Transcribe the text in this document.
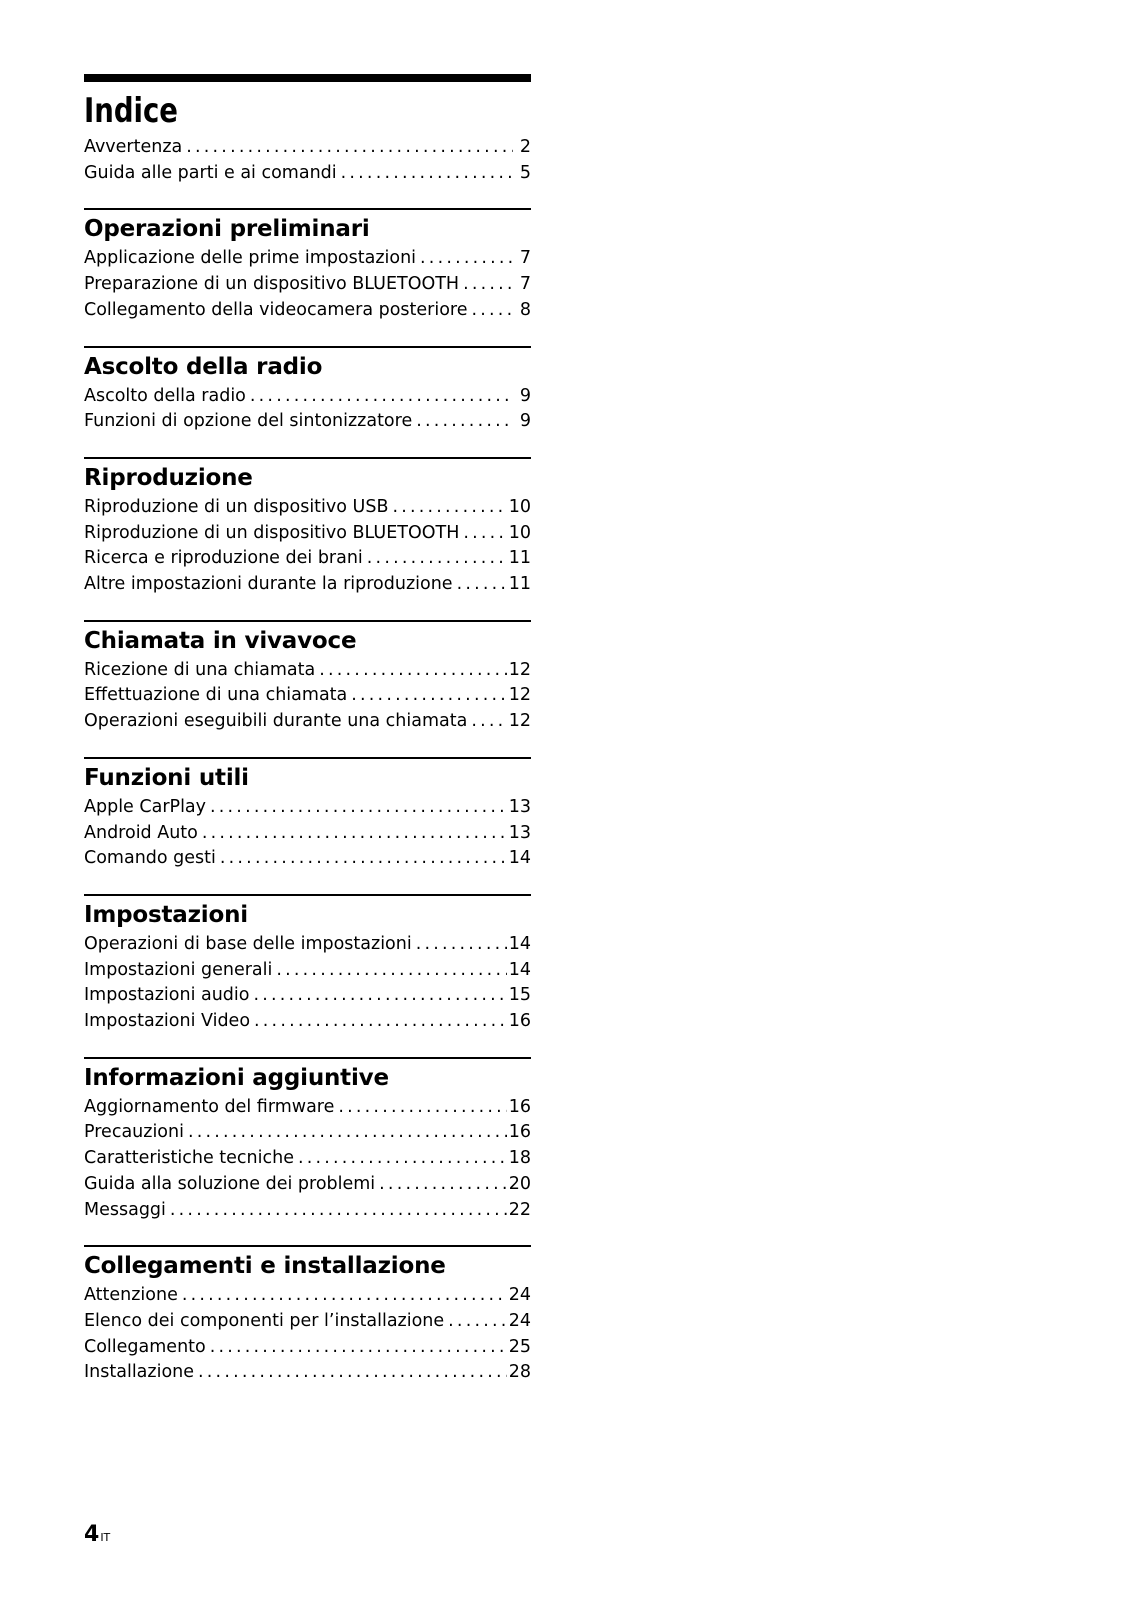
Indice
Avvertenza .....	2
Guida alle parti e ai comandi .....	5
Operazioni preliminari
Applicazione delle prime impostazioni .....	7
Preparazione di un dispositivo BLUETOOTH .....	7
Collegamento della videocamera posteriore .....	8
Ascolto della radio
Ascolto della radio .....	9
Funzioni di opzione del sintonizzatore .....	9
Riproduzione
Riproduzione di un dispositivo USB .....	10
Riproduzione di un dispositivo BLUETOOTH .....	10
Ricerca e riproduzione dei brani .....	11
Altre impostazioni durante la riproduzione .....	11
Chiamata in vivavoce
Ricezione di una chiamata .....	12
Effettuazione di una chiamata .....	12
Operazioni eseguibili durante una chiamata ..... 12
Funzioni utili
Apple CarPlay .....	13
Android Auto .....	13
Comando gesti .....	14
Impostazioni
Operazioni di base delle impostazioni .....	14
Impostazioni generali .....	14
Impostazioni audio .....	15
Impostazioni Video .....	16
Informazioni aggiuntive
Aggiornamento del firmware .....	16
Precauzioni .....	16
Caratteristiche tecniche .....	18
Guida alla soluzione dei problemi .....	20
Messaggi .....	22
Collegamenti e installazione
Attenzione .....	24
Elenco dei componenti per l’installazione .....	24
Collegamento .....	25
Installazione .....	28
4IT
